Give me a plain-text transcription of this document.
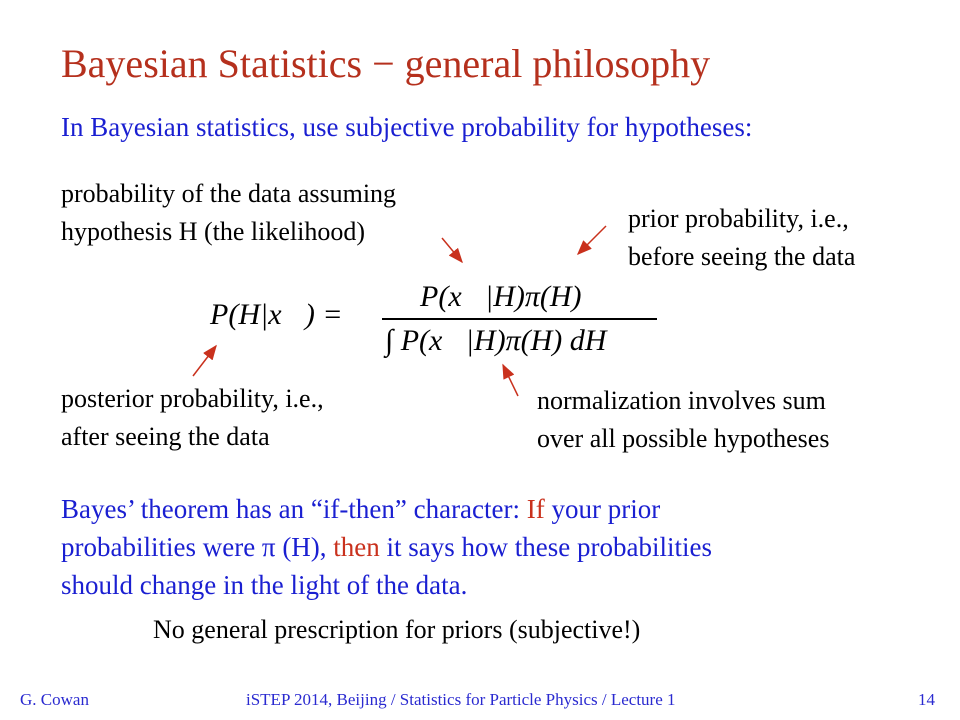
Bayesian Statistics − general philosophy
In Bayesian statistics, use subjective probability for hypotheses:
probability of the data assuming
hypothesis H (the likelihood)	prior probability, i.e.,
before seeing the data
P(H|x⃗) =
P(x⃗|H)π(H)
∫ P(x⃗|H)π(H) dH
posterior probability, i.e.,
after seeing the data
normalization involves sum
over all possible hypotheses
Bayes’ theorem has an “if-then” character: If your prior
probabilities were π (H), then it says how these probabilities
should change in the light of the data.
No general prescription for priors (subjective!)
G. Cowan	iSTEP 2014, Beijing / Statistics for Particle Physics / Lecture 1	14
